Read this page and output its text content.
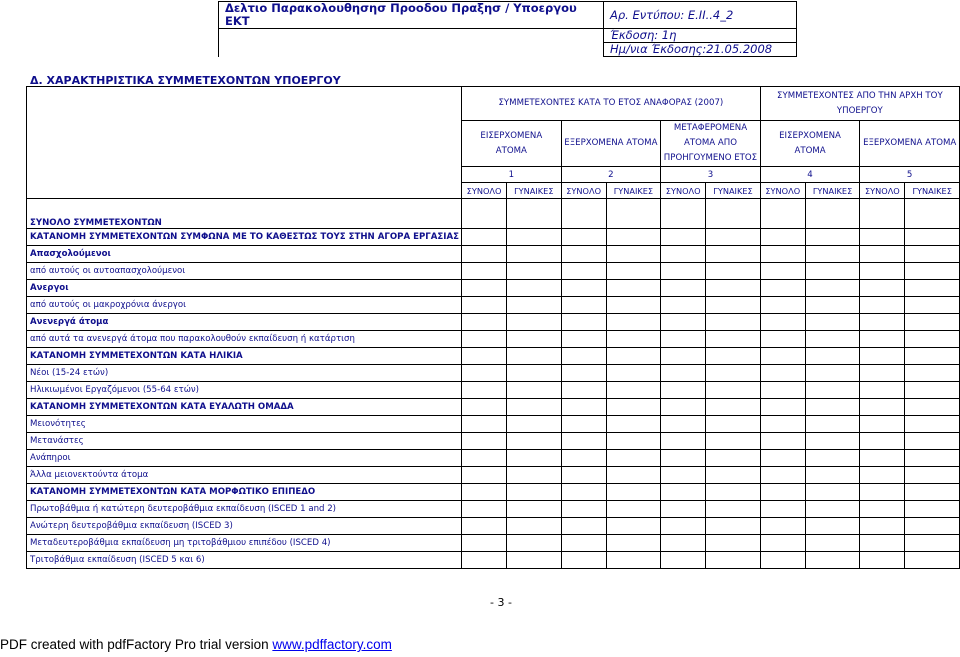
Δελτιο Παρακολουθησησ Προοδου Πραξησ / Υποεργου ΕΚΤ	Αρ. Εντύπου: Ε.ΙΙ..4_2
	Έκδοση: 1η
	Ημ/νια Έκδοσης:21.05.2008
Δ. ΧΑΡΑΚΤΗΡΙΣΤΙΚΑ ΣΥΜΜΕΤΕΧΟΝΤΩΝ ΥΠΟΕΡΓΟΥ
	ΣΥΜΜΕΤΕΧΟΝΤΕΣ ΚΑΤΑ ΤΟ ΕΤΟΣ ΑΝΑΦΟΡΑΣ (2007)						ΣΥΜΜΕΤΕΧΟΝΤΕΣ ΑΠΟ ΤΗΝ ΑΡΧΗ ΤΟΥ ΥΠΟΕΡΓΟΥ			
	ΕΙΣΕΡΧΟΜΕΝΑ ΑΤΟΜΑ		ΕΞΕΡΧΟΜΕΝΑ ΑΤΟΜΑ		ΜΕΤΑΦΕΡΟΜΕΝΑ ΑΤΟΜΑ ΑΠΟ ΠΡΟΗΓΟΥΜΕΝΟ ΕΤΟΣ		ΕΙΣΕΡΧΟΜΕΝΑ ΑΤΟΜΑ		ΕΞΕΡΧΟΜΕΝΑ ΑΤΟΜΑ	
	1		2		3		4		5	
	ΣΥΝΟΛΟ	ΓΥΝΑΙΚΕΣ	ΣΥΝΟΛΟ	ΓΥΝΑΙΚΕΣ	ΣΥΝΟΛΟ	ΓΥΝΑΙΚΕΣ	ΣΥΝΟΛΟ	ΓΥΝΑΙΚΕΣ	ΣΥΝΟΛΟ	ΓΥΝΑΙΚΕΣ
ΣΥΝΟΛΟ ΣΥΜΜΕΤΕΧΟΝΤΩΝ										
ΚΑΤΑΝΟΜΗ ΣΥΜΜΕΤΕΧΟΝΤΩΝ ΣΥΜΦΩΝΑ ΜΕ ΤΟ ΚΑΘΕΣΤΩΣ ΤΟΥΣ ΣΤΗΝ ΑΓΟΡΑ ΕΡΓΑΣΙΑΣ										
Απασχολούμενοι										
από αυτούς οι αυτοαπασχολούμενοι										
Ανεργοι										
από αυτούς οι μακροχρόνια άνεργοι										
Ανενεργά άτομα										
από αυτά τα ανενεργά άτομα που παρακολουθούν εκπαίδευση ή κατάρτιση										
ΚΑΤΑΝΟΜΗ ΣΥΜΜΕΤΕΧΟΝΤΩΝ ΚΑΤΑ ΗΛΙΚΙΑ										
Νέοι (15-24 ετών)										
Ηλικιωμένοι Εργαζόμενοι (55-64 ετών)										
ΚΑΤΑΝΟΜΗ ΣΥΜΜΕΤΕΧΟΝΤΩΝ ΚΑΤΑ ΕΥΑΛΩΤΗ ΟΜΑΔΑ										
Μειονότητες										
Μετανάστες										
Ανάπηροι										
Άλλα μειονεκτούντα άτομα										
ΚΑΤΑΝΟΜΗ ΣΥΜΜΕΤΕΧΟΝΤΩΝ ΚΑΤΑ ΜΟΡΦΩΤΙΚΟ ΕΠΙΠΕΔΟ										
Πρωτοβάθμια ή κατώτερη δευτεροβάθμια εκπαίδευση (ISCED 1 and 2)										
Ανώτερη δευτεροβάθμια εκπαίδευση (ISCED 3)										
Μεταδευτεροβάθμια εκπαίδευση μη τριτοβάθμιου επιπέδου (ISCED 4)										
Τριτοβάθμια εκπαίδευση (ISCED 5 και 6)										
- 3 -
PDF created with pdfFactory Pro trial version www.pdffactory.com
